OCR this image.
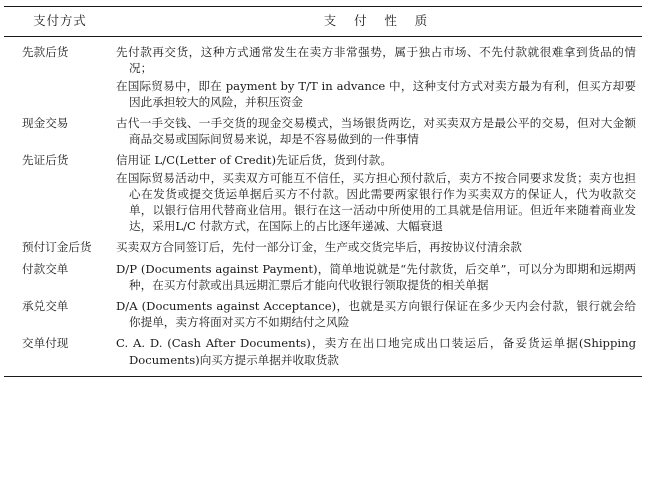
支付方式	支 付 性 质
先款后货	先付款再交货，这种方式通常发生在卖方非常强势，属于独占市场、不先付款就很难拿到货品的情况；
在国际贸易中，即在 payment by T/T in advance 中，这种支付方式对卖方最为有利，但买方却要因此承担较大的风险，并积压资金

现金交易	古代一手交钱、一手交货的现金交易模式，当场银货两讫，对买卖双方是最公平的交易，但对大金额商品交易或国际间贸易来说，却是不容易做到的一件事情

先证后货	信用证 L/C(Letter of Credit)先证后货，货到付款。
在国际贸易活动中，买卖双方可能互不信任，买方担心预付款后，卖方不按合同要求发货；卖方也担心在发货或提交货运单据后买方不付款。因此需要两家银行作为买卖双方的保证人，代为收款交单，以银行信用代替商业信用。银行在这一活动中所使用的工具就是信用证。但近年来随着商业发达，采用L/C 付款方式，在国际上的占比逐年递减、大幅衰退

预付订金后货	买卖双方合同签订后，先付一部分订金，生产或交货完毕后，再按协议付清余款

付款交单	D/P (Documents against Payment)，简单地说就是“先付款货，后交单”，可以分为即期和远期两种，在买方付款或出具远期汇票后才能向代收银行领取提货的相关单据

承兑交单	D/A (Documents against Acceptance)，也就是买方向银行保证在多少天内会付款，银行就会给你提单，卖方将面对买方不如期结付之风险

交单付现	C. A. D. (Cash After Documents)，卖方在出口地完成出口装运后，备妥货运单据(Shipping Documents)向买方提示单据并收取货款
